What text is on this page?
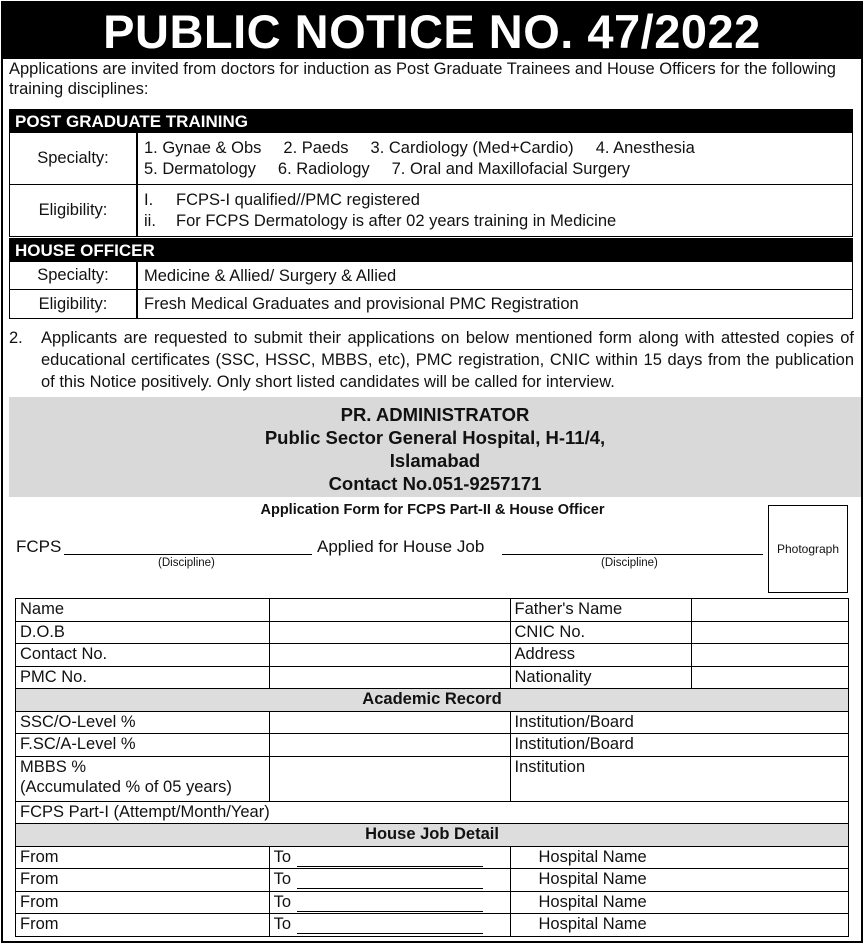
PUBLIC NOTICE NO. 47/2022
Applications are invited from doctors for induction as Post Graduate Trainees and House Officers for the following training disciplines:
POST GRADUATE TRAINING
Specialty:
1. Gynae & Obs 2. Paeds 3. Cardiology (Med+Cardio) 4. Anesthesia
5. Dermatology 6. Radiology 7. Oral and Maxillofacial Surgery
Eligibility:
I. FCPS-I qualified//PMC registered
ii. For FCPS Dermatology is after 02 years training in Medicine
HOUSE OFFICER
Specialty:	Medicine & Allied/ Surgery & Allied
Eligibility:	Fresh Medical Graduates and provisional PMC Registration
2. Applicants are requested to submit their applications on below mentioned form along with attested copies of educational certificates (SSC, HSSC, MBBS, etc), PMC registration, CNIC within 15 days from the publication of this Notice positively. Only short listed candidates will be called for interview.
PR. ADMINISTRATOR
Public Sector General Hospital, H-11/4,
Islamabad
Contact No.051-9257171
Application Form for FCPS Part-II & House Officer
Photograph
FCPS
(Discipline)
Applied for House Job
(Discipline)
Name		Father's Name	
D.O.B		CNIC No.	
Contact No.		Address	
PMC No.		Nationality	
Academic Record			
SSC/O-Level %		Institution/Board	
F.SC/A-Level %		Institution/Board	

MBBS %
(Accumulated % of 05 years)		Institution	
FCPS Part-I (Attempt/Month/Year)			
House Job Detail			
From	To	Hospital Name	
From	To	Hospital Name	
From	To	Hospital Name	
From	To	Hospital Name	
